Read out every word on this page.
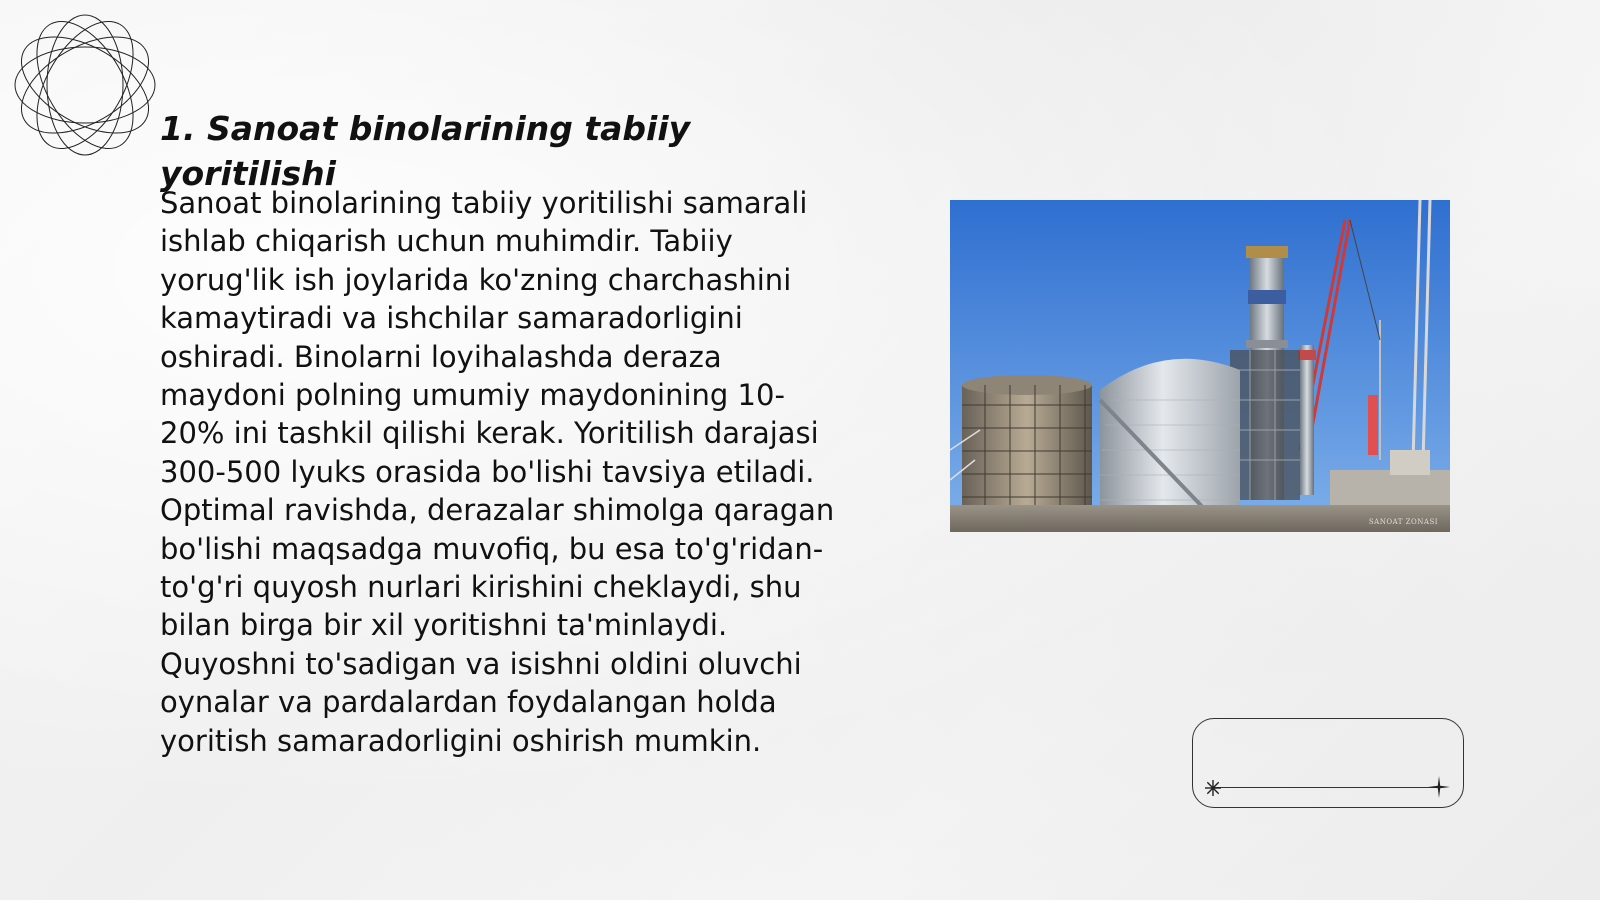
1. Sanoat binolarining tabiiy yoritilishi

Sanoat binolarining tabiiy yoritilishi samarali ishlab chiqarish uchun muhimdir. Tabiiy yorug'lik ish joylarida ko'zning charchashini kamaytiradi va ishchilar samaradorligini oshiradi. Binolarni loyihalashda deraza maydoni polning umumiy maydonining 10-20% ini tashkil qilishi kerak. Yoritilish darajasi 300-500 lyuks orasida bo'lishi tavsiya etiladi. Optimal ravishda, derazalar shimolga qaragan bo'lishi maqsadga muvofiq, bu esa to'g'ridan-to'g'ri quyosh nurlari kirishini cheklaydi, shu bilan birga bir xil yoritishni ta'minlaydi. Quyoshni to'sadigan va isishni oldini oluvchi oynalar va pardalardan foydalangan holda yoritish samaradorligini oshirish mumkin.

SANOAT ZONASI
